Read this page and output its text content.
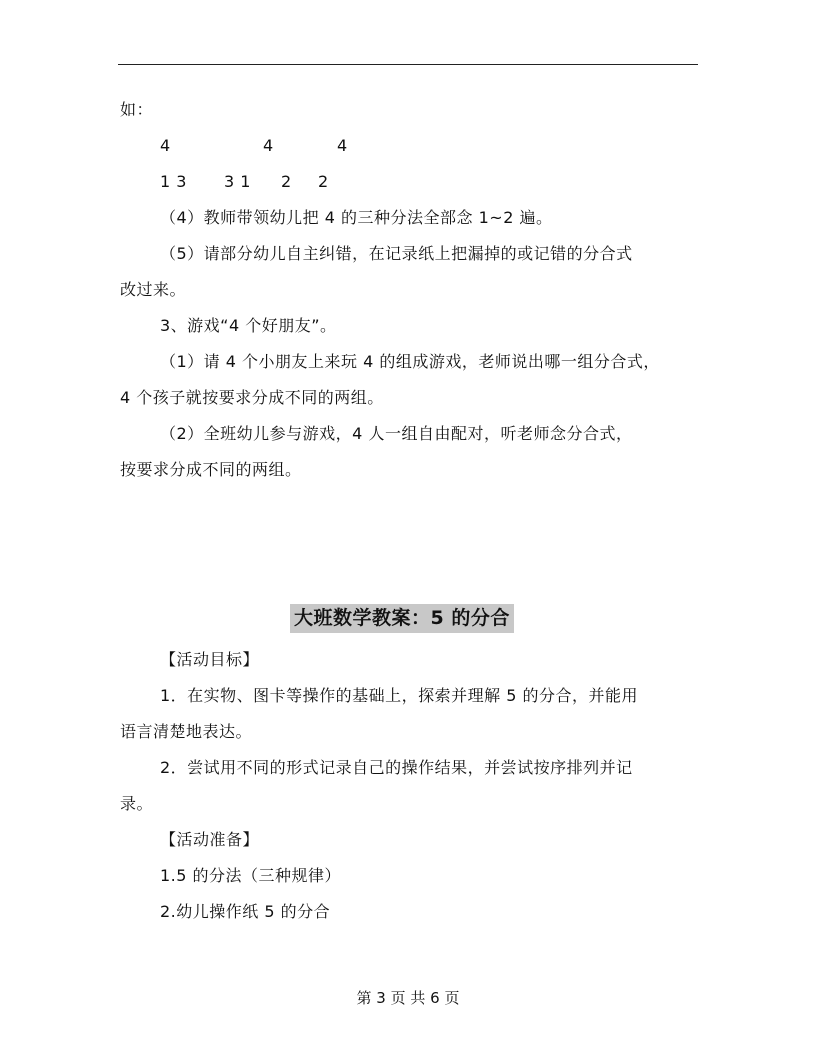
如：

4

	4

	4

1 3

3 1

2

2

（4）教师带领幼儿把 4 的三种分法全部念 1~2 遍。
（5）请部分幼儿自主纠错，在记录纸上把漏掉的或记错的分合式
改过来。
3、游戏“4 个好朋友”。
（1）请 4 个小朋友上来玩 4 的组成游戏，老师说出哪一组分合式，
4 个孩子就按要求分成不同的两组。
（2）全班幼儿参与游戏，4 人一组自由配对，听老师念分合式，
按要求分成不同的两组。
大班数学教案：5 的分合
【活动目标】
1．在实物、图卡等操作的基础上，探索并理解 5 的分合，并能用
语言清楚地表达。
2．尝试用不同的形式记录自己的操作结果，并尝试按序排列并记
录。
【活动准备】
1.5 的分法（三种规律）
2.幼儿操作纸 5 的分合
第 3 页 共 6 页
